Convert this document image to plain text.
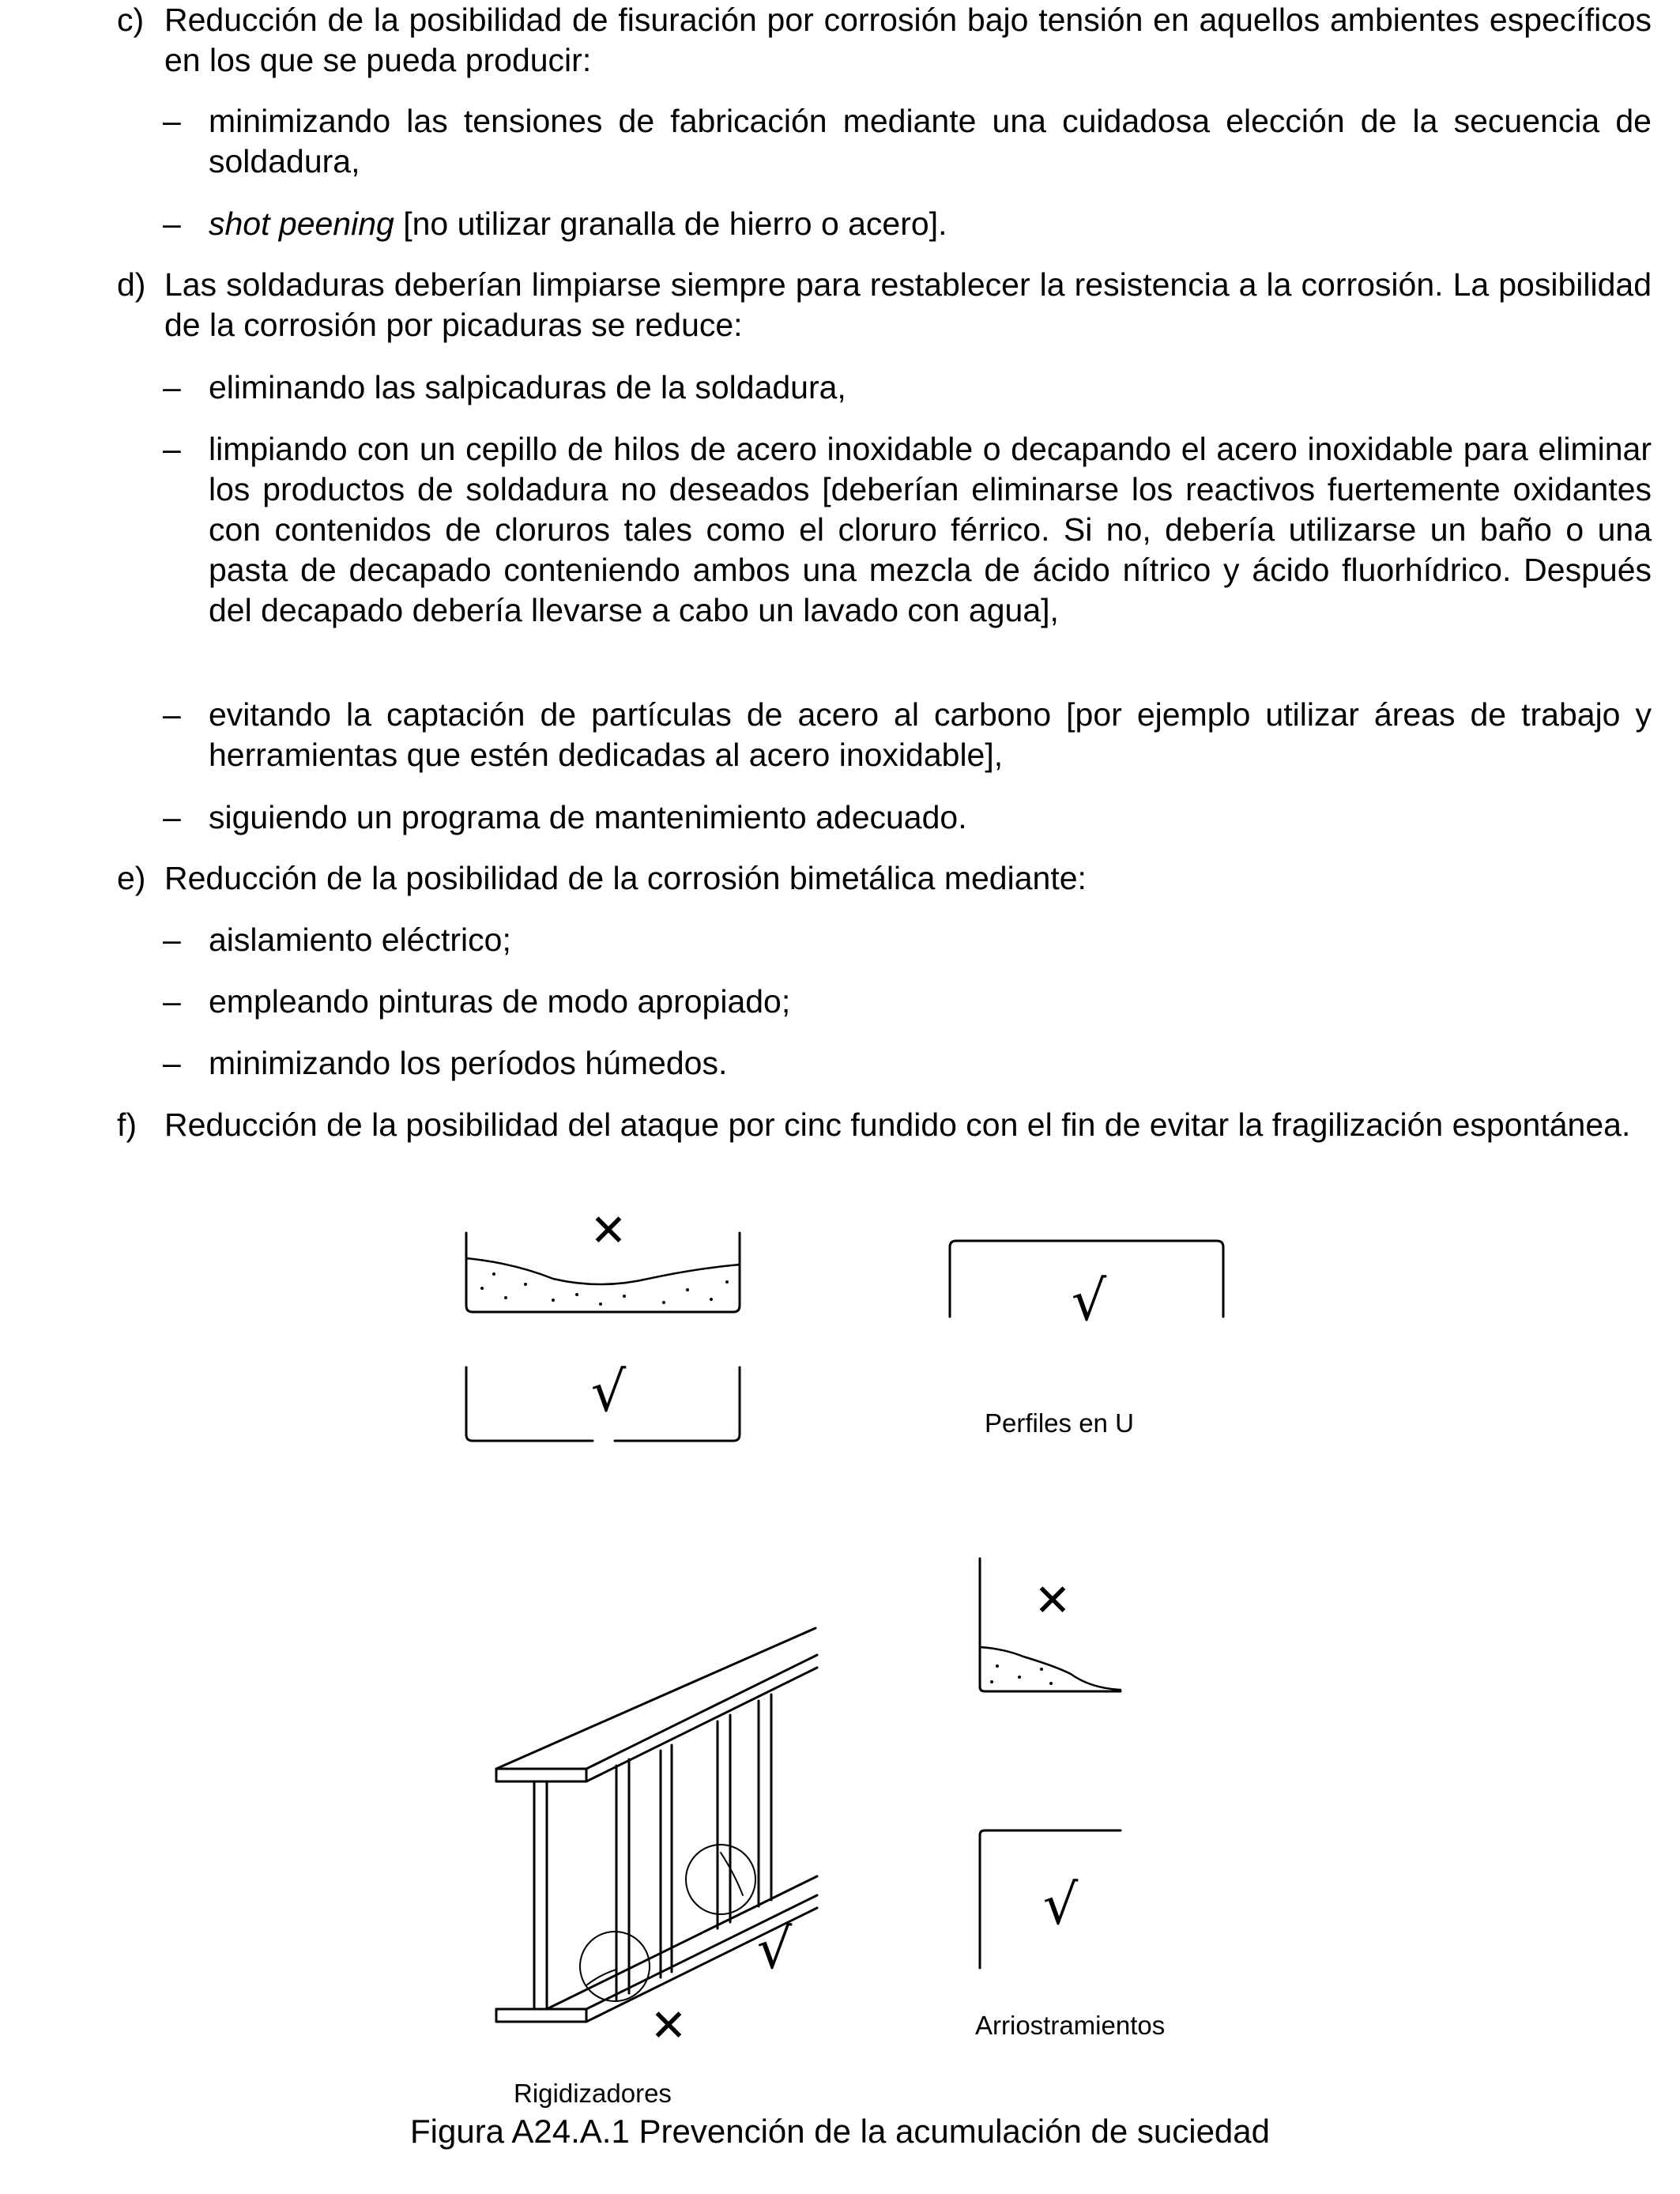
c) Reducción de la posibilidad de fisuración por corrosión bajo tensión en aquellos ambientes específicos en los que se pueda producir:
– minimizando las tensiones de fabricación mediante una cuidadosa elección de la secuencia de soldadura,
– shot peening [no utilizar granalla de hierro o acero].
d) Las soldaduras deberían limpiarse siempre para restablecer la resistencia a la corrosión. La posibilidad de la corrosión por picaduras se reduce:
– eliminando las salpicaduras de la soldadura,
– limpiando con un cepillo de hilos de acero inoxidable o decapando el acero inoxidable para eliminar los productos de soldadura no deseados [deberían eliminarse los reactivos fuertemente oxidantes con contenidos de cloruros tales como el cloruro férrico. Si no, debería utilizarse un baño o una pasta de decapado conteniendo ambos una mezcla de ácido nítrico y ácido fluorhídrico. Después del decapado debería llevarse a cabo un lavado con agua],
– evitando la captación de partículas de acero al carbono [por ejemplo utilizar áreas de trabajo y herramientas que estén dedicadas al acero inoxidable],
– siguiendo un programa de mantenimiento adecuado.
e) Reducción de la posibilidad de la corrosión bimetálica mediante:
– aislamiento eléctrico;
– empleando pinturas de modo apropiado;
– minimizando los períodos húmedos.
f) Reducción de la posibilidad del ataque por cinc fundido con el fin de evitar la fragilización espontánea.
✕
√
√
✕
√
√
✕
Perfiles en U
Arriostramientos
Rigidizadores
Figura A24.A.1 Prevención de la acumulación de suciedad
